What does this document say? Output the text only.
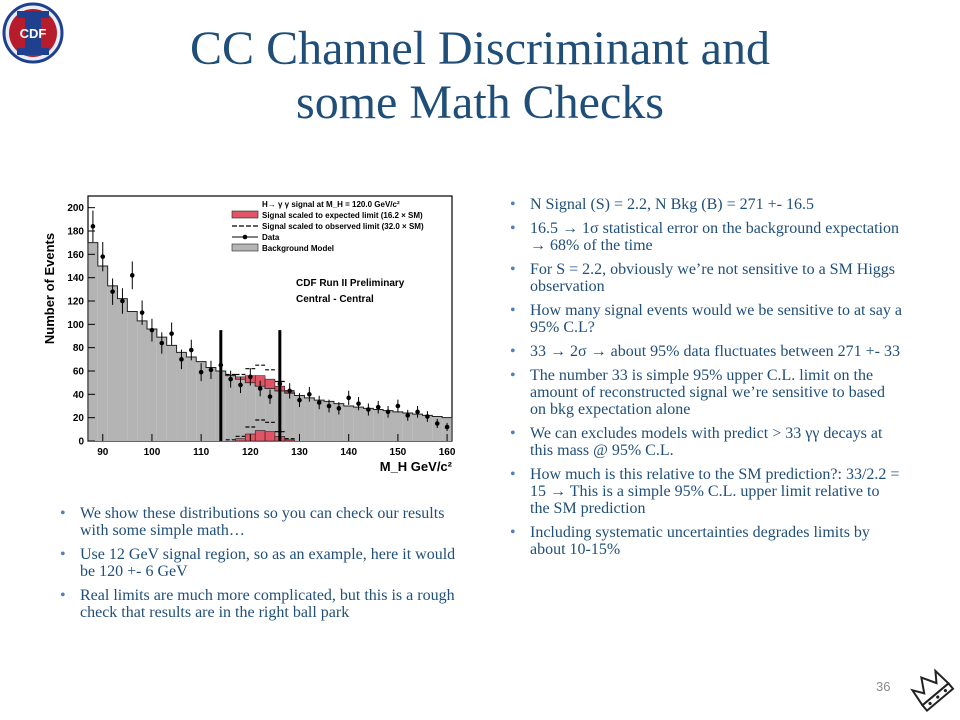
CDF	CC Channel Discriminant and
some Math Checks
90	100	110	120	130	140	150	160
0
20
40
60
80
100
120
140
160
180
200
M_H GeV/c²
Number of Events
H→ γ γ signal at M_H = 120.0 GeV/c²
Signal scaled to expected limit (16.2 × SM)
Signal scaled to observed limit (32.0 × SM)
Data
Background Model
CDF Run II Preliminary
Central - Central
• N Signal (S) = 2.2, N Bkg (B) = 271 +- 16.5
• 16.5 → 1σ statistical error on the background expectation → 68% of the time
• For S = 2.2, obviously we’re not sensitive to a SM Higgs observation
• How many signal events would we be sensitive to at say a 95% C.L?
• 33 → 2σ → about 95% data fluctuates between 271 +- 33
• The number 33 is simple 95% upper C.L. limit on the amount of reconstructed signal we’re sensitive to based on bkg expectation alone
• We can excludes models with predict > 33 γγ decays at this mass @ 95% C.L.
• How much is this relative to the SM prediction?: 33/2.2 = 15 → This is a simple 95% C.L. upper limit relative to the SM prediction
• Including systematic uncertainties degrades limits by about 10-15%
• We show these distributions so you can check our results with some simple math…
• Use 12 GeV signal region, so as an example, here it would be 120 +- 6 GeV
• Real limits are much more complicated, but this is a rough check that results are in the right ball park
36
